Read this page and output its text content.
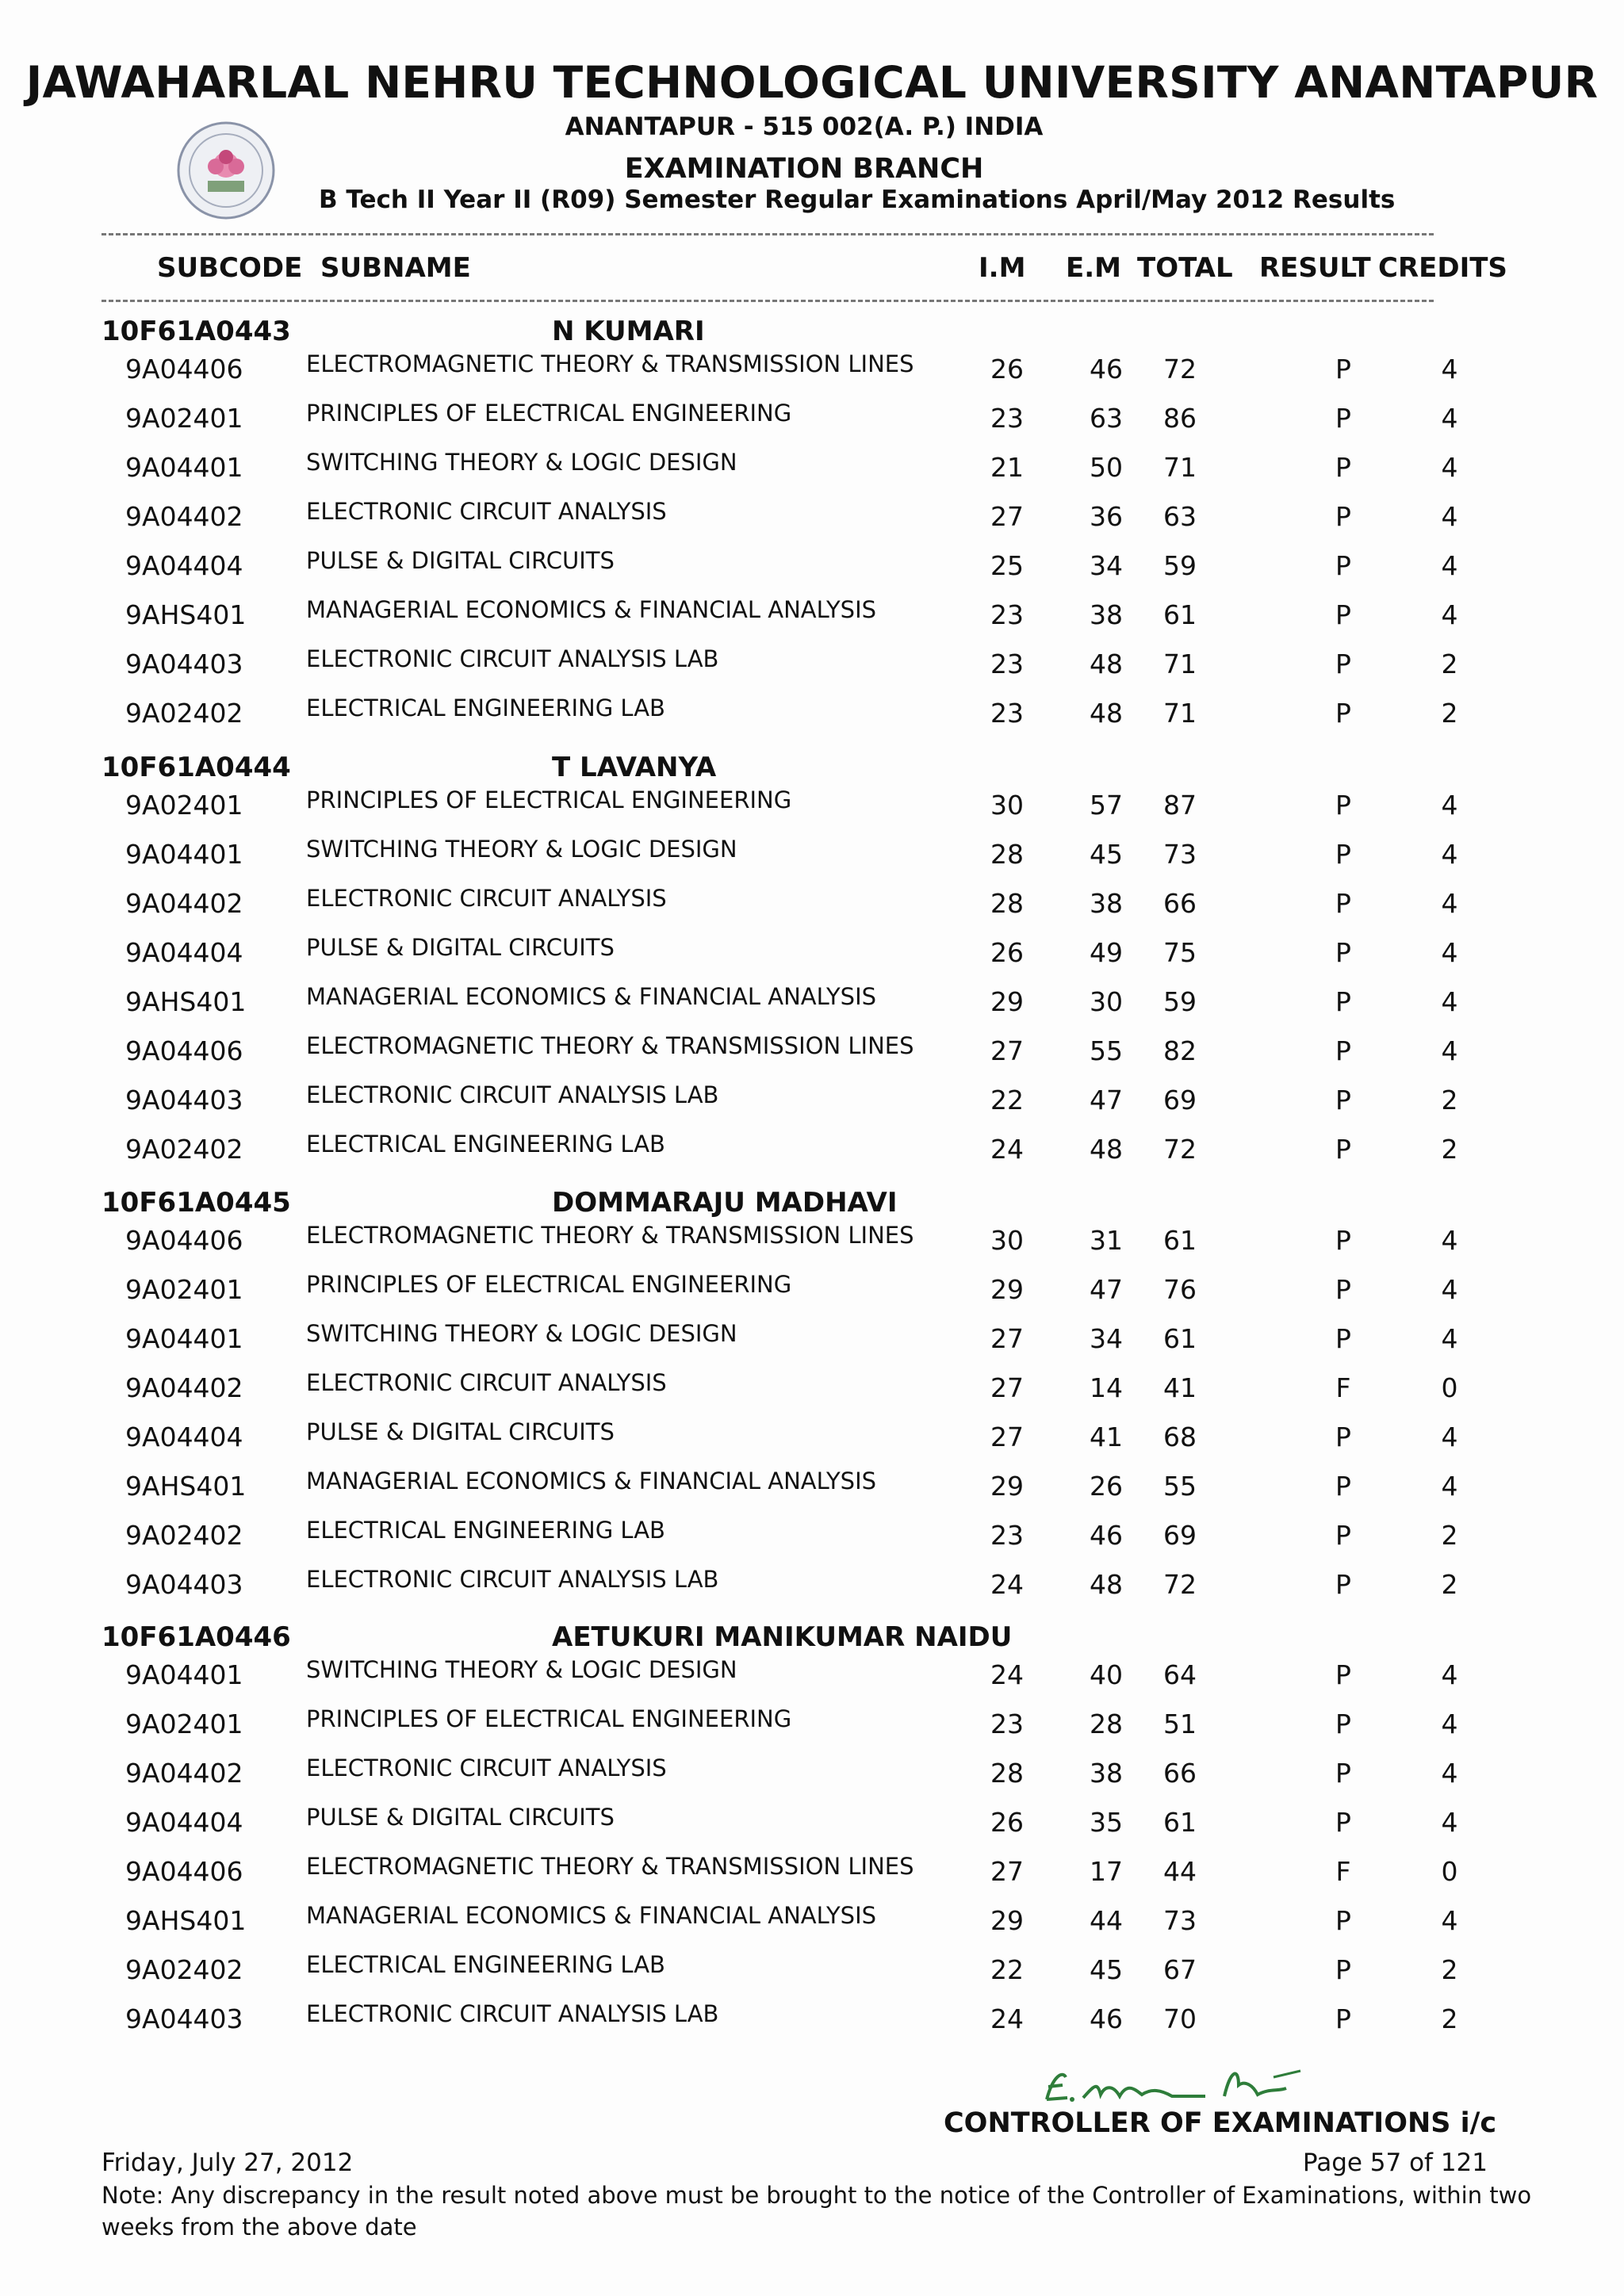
JAWAHARLAL NEHRU TECHNOLOGICAL UNIVERSITY ANANTAPUR
ANANTAPUR - 515 002(A. P.) INDIA
EXAMINATION BRANCH
B Tech II Year II (R09) Semester Regular Examinations April/May 2012 Results
SUBCODE SUBNAME	I.M E.M TOTAL RESULT CREDITS
10F61A0443	N KUMARI
9A04406	ELECTROMAGNETIC THEORY & TRANSMISSION LINES	26	46	72	P	4
9A02401	PRINCIPLES OF ELECTRICAL ENGINEERING	23	63	86	P	4
9A04401	SWITCHING THEORY & LOGIC DESIGN	21	50	71	P	4
9A04402	ELECTRONIC CIRCUIT ANALYSIS	27	36	63	P	4
9A04404	PULSE & DIGITAL CIRCUITS	25	34	59	P	4
9AHS401	MANAGERIAL ECONOMICS & FINANCIAL ANALYSIS	23	38	61	P	4
9A04403	ELECTRONIC CIRCUIT ANALYSIS LAB	23	48	71	P	2
9A02402	ELECTRICAL ENGINEERING LAB	23	48	71	P	2
10F61A0444	T LAVANYA
9A02401	PRINCIPLES OF ELECTRICAL ENGINEERING	30	57	87	P	4
9A04401	SWITCHING THEORY & LOGIC DESIGN	28	45	73	P	4
9A04402	ELECTRONIC CIRCUIT ANALYSIS	28	38	66	P	4
9A04404	PULSE & DIGITAL CIRCUITS	26	49	75	P	4
9AHS401	MANAGERIAL ECONOMICS & FINANCIAL ANALYSIS	29	30	59	P	4
9A04406	ELECTROMAGNETIC THEORY & TRANSMISSION LINES	27	55	82	P	4
9A04403	ELECTRONIC CIRCUIT ANALYSIS LAB	22	47	69	P	2
9A02402	ELECTRICAL ENGINEERING LAB	24	48	72	P	2
10F61A0445	DOMMARAJU MADHAVI
9A04406	ELECTROMAGNETIC THEORY & TRANSMISSION LINES	30	31	61	P	4
9A02401	PRINCIPLES OF ELECTRICAL ENGINEERING	29	47	76	P	4
9A04401	SWITCHING THEORY & LOGIC DESIGN	27	34	61	P	4
9A04402	ELECTRONIC CIRCUIT ANALYSIS	27	14	41	F	0
9A04404	PULSE & DIGITAL CIRCUITS	27	41	68	P	4
9AHS401	MANAGERIAL ECONOMICS & FINANCIAL ANALYSIS	29	26	55	P	4
9A02402	ELECTRICAL ENGINEERING LAB	23	46	69	P	2
9A04403	ELECTRONIC CIRCUIT ANALYSIS LAB	24	48	72	P	2
10F61A0446	AETUKURI MANIKUMAR NAIDU
9A04401	SWITCHING THEORY & LOGIC DESIGN	24	40	64	P	4
9A02401	PRINCIPLES OF ELECTRICAL ENGINEERING	23	28	51	P	4
9A04402	ELECTRONIC CIRCUIT ANALYSIS	28	38	66	P	4
9A04404	PULSE & DIGITAL CIRCUITS	26	35	61	P	4
9A04406	ELECTROMAGNETIC THEORY & TRANSMISSION LINES	27	17	44	F	0
9AHS401	MANAGERIAL ECONOMICS & FINANCIAL ANALYSIS	29	44	73	P	4
9A02402	ELECTRICAL ENGINEERING LAB	22	45	67	P	2
9A04403	ELECTRONIC CIRCUIT ANALYSIS LAB	24	46	70	P	2
CONTROLLER OF EXAMINATIONS i/c
Friday, July 27, 2012	Page 57 of 121
Note: Any discrepancy in the result noted above must be brought to the notice of the Controller of Examinations, within two
weeks from the above date
